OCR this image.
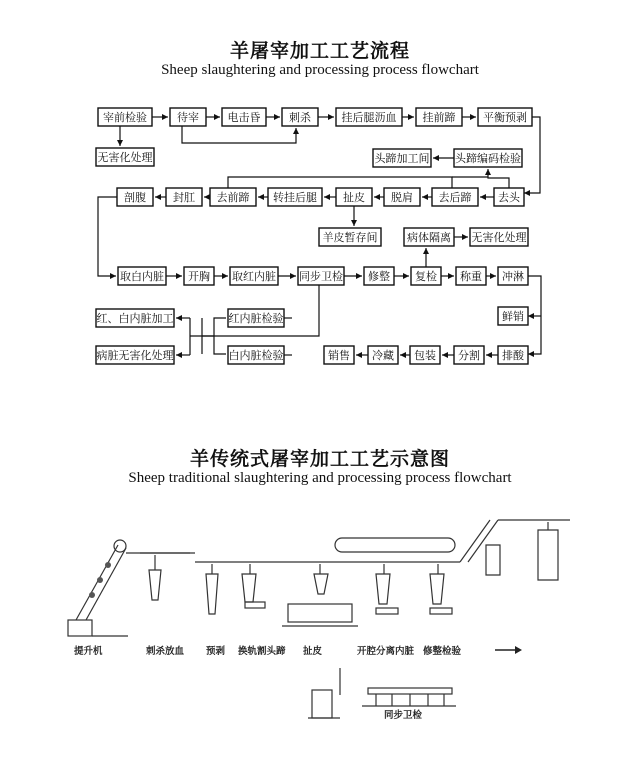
羊屠宰加工工艺流程
Sheep slaughtering and processing process flowchart
宰前检验	待宰	电击昏	刺杀	挂后腿沥血 挂前蹄	平衡预剥
无害化处理	头蹄加工间 头蹄编码检验
剖腹 封肛 去前蹄 转挂后腿 扯皮 脱肩 去后蹄 去头
羊皮暂存间	病体隔离 无害化处理
取白内脏 开胸 取红内脏 同步卫检 修整 复检 称重 冲淋
红、白内脏加工	红内脏检验	鲜销
病脏无害化处理	白内脏检验	销售 冷藏 包装 分割 排酸
提升机	刺杀放血 预剥 换轨割头蹄 扯皮	开腔分离内脏 修整检验
同步卫检
羊传统式屠宰加工工艺示意图
Sheep traditional slaughtering and processing process flowchart
